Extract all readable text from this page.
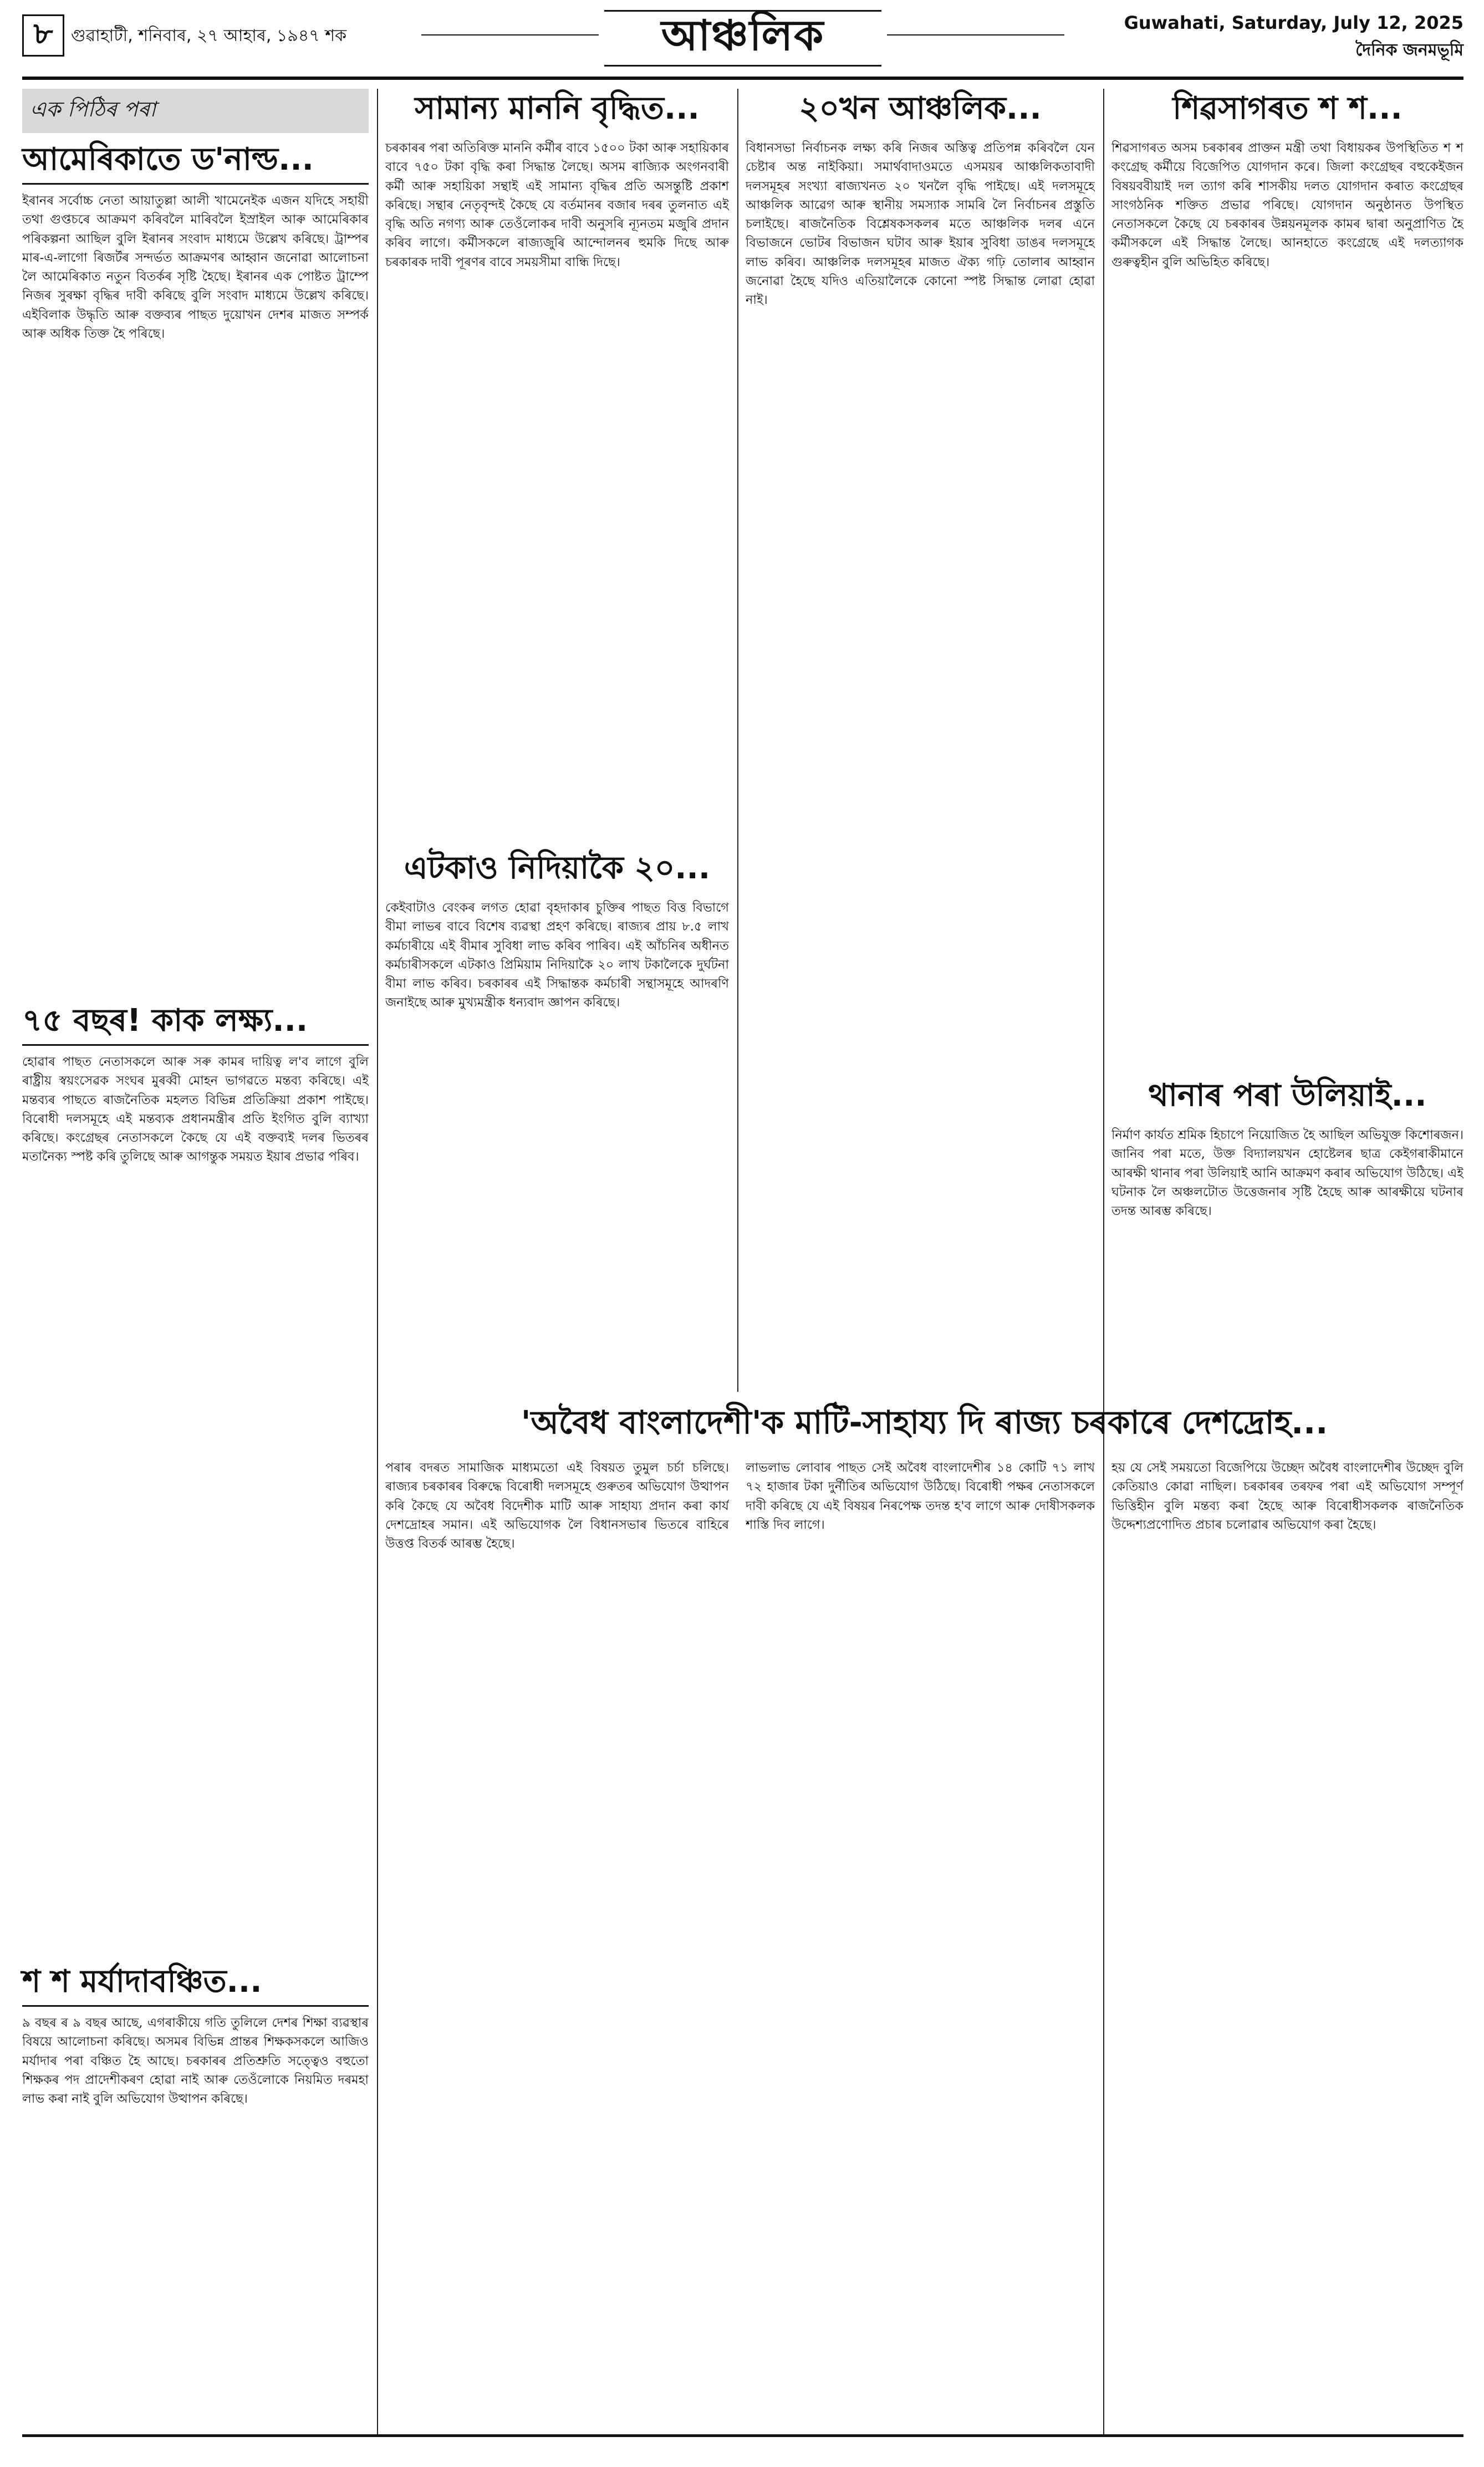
৮	গুৱাহাটী, শনিবাৰ, ২৭ আহাৰ, ১৯৪৭ শক	আঞ্চলিক	Guwahati, Saturday, July 12, 2025
দৈনিক জনমভূমি
এক পিঠিৰ পৰা
আমেৰিকাতে ড'নাল্ড...

ইৰানৰ সৰ্বোচ্চ নেতা আয়াতুল্লা আলী খামেনেইক এজন যদিহে সহায়ী তথা গুপ্তচৰে আক্ৰমণ কৰিবলৈ মাৰিবলৈ ইস্ৰাইল আৰু আমেৰিকাৰ পৰিকল্পনা আছিল বুলি ইৰানৰ সংবাদ মাধ্যমে উল্লেখ কৰিছে। ট্ৰাম্পৰ মাৰ-এ-লাগো ৰিজৰ্টৰ সন্দৰ্ভত আক্ৰমণৰ আহ্বান জনোৱা আলোচনা লৈ আমেৰিকাত নতুন বিতৰ্কৰ সৃষ্টি হৈছে। ইৰানৰ এক পোষ্টত ট্ৰাম্পে নিজৰ সুৰক্ষা বৃদ্ধিৰ দাবী কৰিছে বুলি সংবাদ মাধ্যমে উল্লেখ কৰিছে। এইবিলাক উদ্ধৃতি আৰু বক্তব্যৰ পাছত দুয়োখন দেশৰ মাজত সম্পৰ্ক আৰু অধিক তিক্ত হৈ পৰিছে।

৭৫ বছৰ! কাক লক্ষ্য...

হোৱাৰ পাছত নেতাসকলে আৰু সৰু কামৰ দায়িত্ব ল'ব লাগে বুলি ৰাষ্ট্ৰীয় স্বয়ংসেৱক সংঘৰ মুৰব্বী মোহন ভাগৱতে মন্তব্য কৰিছে। এই মন্তব্যৰ পাছতে ৰাজনৈতিক মহলত বিভিন্ন প্ৰতিক্ৰিয়া প্ৰকাশ পাইছে। বিৰোধী দলসমূহে এই মন্তব্যক প্ৰধানমন্ত্ৰীৰ প্ৰতি ইংগিত বুলি ব্যাখ্যা কৰিছে। কংগ্ৰেছৰ নেতাসকলে কৈছে যে এই বক্তব্যই দলৰ ভিতৰৰ মতানৈক্য স্পষ্ট কৰি তুলিছে আৰু আগন্তুক সময়ত ইয়াৰ প্ৰভাৱ পৰিব।

শ শ মৰ্যাদাবঞ্চিত...

৯ বছৰ ৰ ৯ বছৰ আছে, এগৰাকীয়ে গতি তুলিলে দেশৰ শিক্ষা ব্যৱস্থাৰ বিষয়ে আলোচনা কৰিছে। অসমৰ বিভিন্ন প্ৰান্তৰ শিক্ষকসকলে আজিও মৰ্যাদাৰ পৰা বঞ্চিত হৈ আছে। চৰকাৰৰ প্ৰতিশ্ৰুতি সত্ত্বেও বহুতো শিক্ষকৰ পদ প্ৰাদেশীকৰণ হোৱা নাই আৰু তেওঁলোকে নিয়মিত দৰমহা লাভ কৰা নাই বুলি অভিযোগ উত্থাপন কৰিছে।

সামান্য মাননি বৃদ্ধিত...

চৰকাৰৰ পৰা অতিৰিক্ত মাননি কৰ্মীৰ বাবে ১৫০০ টকা আৰু সহায়িকাৰ বাবে ৭৫০ টকা বৃদ্ধি কৰা সিদ্ধান্ত লৈছে। অসম ৰাজ্যিক অংগনবাৰী কৰ্মী আৰু সহায়িকা সন্থাই এই সামান্য বৃদ্ধিৰ প্ৰতি অসন্তুষ্টি প্ৰকাশ কৰিছে। সন্থাৰ নেতৃবৃন্দই কৈছে যে বৰ্তমানৰ বজাৰ দৰৰ তুলনাত এই বৃদ্ধি অতি নগণ্য আৰু তেওঁলোকৰ দাবী অনুসৰি ন্যূনতম মজুৰি প্ৰদান কৰিব লাগে। কৰ্মীসকলে ৰাজ্যজুৰি আন্দোলনৰ হুমকি দিছে আৰু চৰকাৰক দাবী পূৰণৰ বাবে সময়সীমা বান্ধি দিছে।

এটকাও নিদিয়াকৈ ২০...

কেইবাটাও বেংকৰ লগত হোৱা বৃহদাকাৰ চুক্তিৰ পাছত বিত্ত বিভাগে বীমা লাভৰ বাবে বিশেষ ব্যৱস্থা প্ৰহণ কৰিছে। ৰাজ্যৰ প্ৰায় ৮.৫ লাখ কৰ্মচাৰীয়ে এই বীমাৰ সুবিধা লাভ কৰিব পাৰিব। এই আঁচনিৰ অধীনত কৰ্মচাৰীসকলে এটকাও প্ৰিমিয়াম নিদিয়াকৈ ২০ লাখ টকালৈকে দুৰ্ঘটনা বীমা লাভ কৰিব। চৰকাৰৰ এই সিদ্ধান্তক কৰ্মচাৰী সন্থাসমূহে আদৰণি জনাইছে আৰু মুখ্যমন্ত্ৰীক ধন্যবাদ জ্ঞাপন কৰিছে।

২০খন আঞ্চলিক...

বিধানসভা নিৰ্বাচনক লক্ষ্য কৰি নিজৰ অস্তিত্ব প্ৰতিপন্ন কৰিবলৈ যেন চেষ্টাৰ অন্ত নাইকিয়া। সমাৰ্থবাদাওমতে এসময়ৰ আঞ্চলিকতাবাদী দলসমূহৰ সংখ্যা ৰাজ্যখনত ২০ খনলৈ বৃদ্ধি পাইছে। এই দলসমূহে আঞ্চলিক আৱেগ আৰু স্থানীয় সমস্যাক সামৰি লৈ নিৰ্বাচনৰ প্ৰস্তুতি চলাইছে। ৰাজনৈতিক বিশ্লেষকসকলৰ মতে আঞ্চলিক দলৰ এনে বিভাজনে ভোটৰ বিভাজন ঘটাব আৰু ইয়াৰ সুবিধা ডাঙৰ দলসমূহে লাভ কৰিব। আঞ্চলিক দলসমূহৰ মাজত ঐক্য গঢ়ি তোলাৰ আহ্বান জনোৱা হৈছে যদিও এতিয়ালৈকে কোনো স্পষ্ট সিদ্ধান্ত লোৱা হোৱা নাই।

শিৱসাগৰত শ শ...

শিৱসাগৰত অসম চৰকাৰৰ প্ৰাক্তন মন্ত্ৰী তথা বিধায়কৰ উপস্থিতিত শ শ কংগ্ৰেছ কৰ্মীয়ে বিজেপিত যোগদান কৰে। জিলা কংগ্ৰেছৰ বহুকেইজন বিষয়ববীয়াই দল ত্যাগ কৰি শাসকীয় দলত যোগদান কৰাত কংগ্ৰেছৰ সাংগঠনিক শক্তিত প্ৰভাৱ পৰিছে। যোগদান অনুষ্ঠানত উপস্থিত নেতাসকলে কৈছে যে চৰকাৰৰ উন্নয়নমূলক কামৰ দ্বাৰা অনুপ্ৰাণিত হৈ কৰ্মীসকলে এই সিদ্ধান্ত লৈছে। আনহাতে কংগ্ৰেছে এই দলত্যাগক গুৰুত্বহীন বুলি অভিহিত কৰিছে।

থানাৰ পৰা উলিয়াই...

নিৰ্মাণ কাৰ্যত শ্ৰমিক হিচাপে নিয়োজিত হৈ আছিল অভিযুক্ত কিশোৰজন। জানিব পৰা মতে, উক্ত বিদ্যালয়খন হোষ্টেলৰ ছাত্ৰ কেইগৰাকীমানে আৰক্ষী থানাৰ পৰা উলিয়াই আনি আক্ৰমণ কৰাৰ অভিযোগ উঠিছে। এই ঘটনাক লৈ অঞ্চলটোত উত্তেজনাৰ সৃষ্টি হৈছে আৰু আৰক্ষীয়ে ঘটনাৰ তদন্ত আৰম্ভ কৰিছে।

'অবৈধ বাংলাদেশী'ক মাটি-সাহায্য দি ৰাজ্য চৰকাৰে দেশদ্ৰোহ...

পৰাৰ বদৰত সামাজিক মাধ্যমতো এই বিষয়ত তুমুল চৰ্চা চলিছে। ৰাজ্যৰ চৰকাৰৰ বিৰুদ্ধে বিৰোধী দলসমূহে গুৰুতৰ অভিযোগ উত্থাপন কৰি কৈছে যে অবৈধ বিদেশীক মাটি আৰু সাহায্য প্ৰদান কৰা কাৰ্য দেশদ্ৰোহৰ সমান। এই অভিযোগক লৈ বিধানসভাৰ ভিতৰে বাহিৰে উত্তপ্ত বিতৰ্ক আৰম্ভ হৈছে।

লাভলাভ লোবাৰ পাছত সেই অবৈধ বাংলাদেশীৰ ১৪ কোটি ৭১ লাখ ৭২ হাজাৰ টকা দুৰ্নীতিৰ অভিযোগ উঠিছে। বিৰোধী পক্ষৰ নেতাসকলে দাবী কৰিছে যে এই বিষয়ৰ নিৰপেক্ষ তদন্ত হ'ব লাগে আৰু দোষীসকলক শাস্তি দিব লাগে।

হয় যে সেই সময়তো বিজেপিয়ে উচ্ছেদ অবৈধ বাংলাদেশীৰ উচ্ছেদ বুলি কেতিয়াও কোৱা নাছিল। চৰকাৰৰ তৰফৰ পৰা এই অভিযোগ সম্পূৰ্ণ ভিত্তিহীন বুলি মন্তব্য কৰা হৈছে আৰু বিৰোধীসকলক ৰাজনৈতিক উদ্দেশ্যপ্ৰণোদিত প্ৰচাৰ চলোৱাৰ অভিযোগ কৰা হৈছে।
